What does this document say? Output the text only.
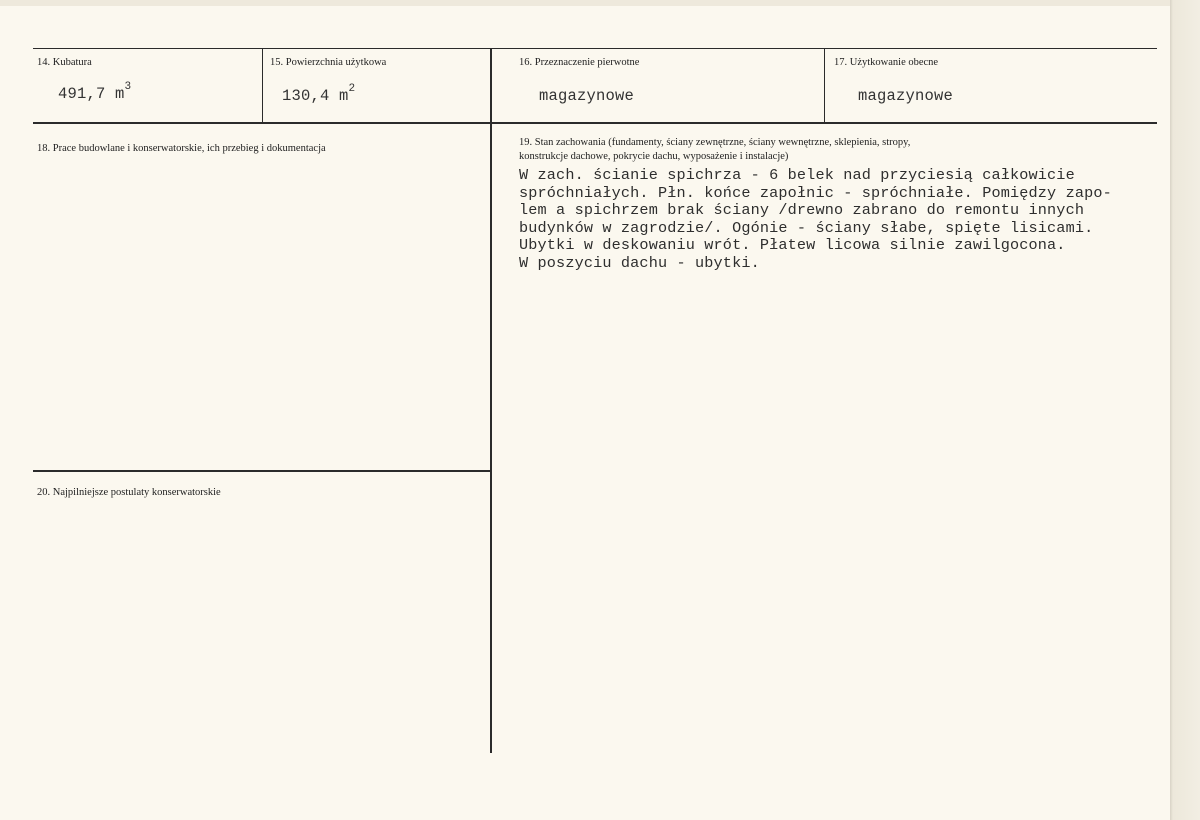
14. Kubatura
491,7 $m^3$
15. Powierzchnia użytkowa
130,4 $m^2$
16. Przeznaczenie pierwotne
magazynowe
17. Użytkowanie obecne
magazynowe
18. Prace budowlane i konserwatorskie, ich przebieg i dokumentacja
19. Stan zachowania (fundamenty, ściany zewnętrzne, ściany wewnętrzne, sklepienia, stropy,
konstrukcje dachowe, pokrycie dachu, wyposażenie i instalacje)
W zach. ścianie spichrza - 6 belek nad przyciesią całkowicie
spróchniałych. Płn. końce zapołnic - spróchniałe. Pomiędzy zapo-
lem a spichrzem brak ściany /drewno zabrano do remontu innych
budynków w zagrodzie/. Ogónie - ściany słabe, spięte lisicami.
Ubytki w deskowaniu wrót. Płatew licowa silnie zawilgocona.
W poszyciu dachu - ubytki.
20. Najpilniejsze postulaty konserwatorskie
